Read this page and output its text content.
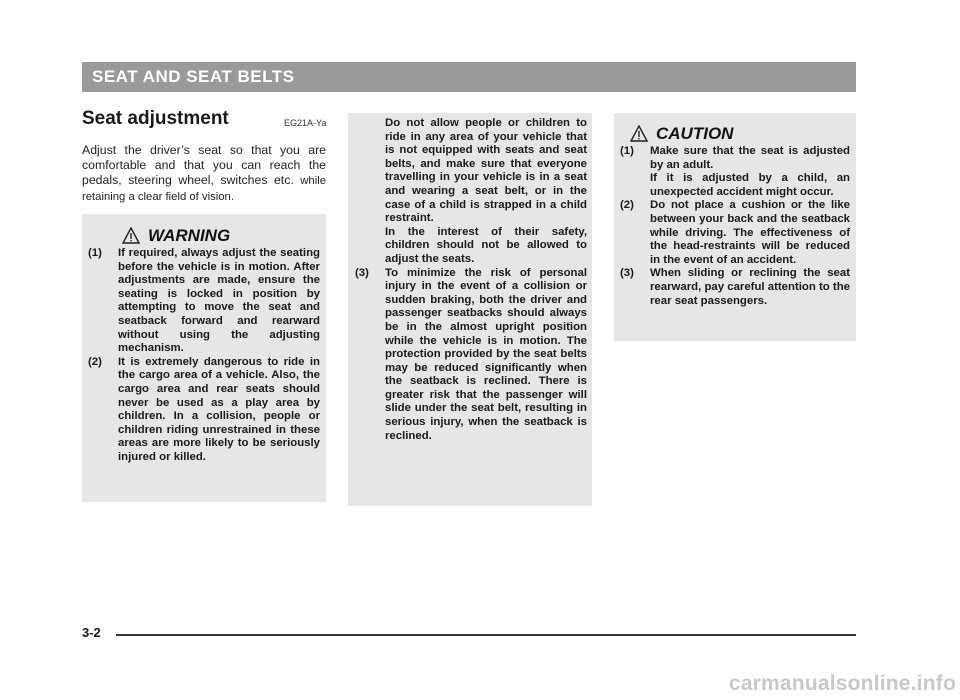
SEAT AND SEAT BELTS
Seat adjustment	EG21A-Ya
Adjust the driver’s seat so that you are comfortable and that you can reach the pedals, steering wheel, switches etc. while retaining a clear field of vision.
WARNING
(1)	If required, always adjust the seating before the vehicle is in motion. After adjustments are made, ensure the seating is locked in position by attempting to move the seat and seatback forward and rearward without using the adjusting mechanism.
(2)	It is extremely dangerous to ride in the cargo area of a vehicle. Also, the cargo area and rear seats should never be used as a play area by children. In a collision, people or children riding unrestrained in these areas are more likely to be seriously injured or killed.
Do not allow people or children to ride in any area of your vehicle that is not equipped with seats and seat belts, and make sure that everyone travelling in your vehicle is in a seat and wearing a seat belt, or in the case of a child is strapped in a child restraint.
In the interest of their safety, children should not be allowed to adjust the seats.
(3)	To minimize the risk of personal injury in the event of a collision or sudden braking, both the driver and passenger seatbacks should always be in the almost upright position while the vehicle is in motion. The protection provided by the seat belts may be reduced significantly when the seatback is reclined. There is greater risk that the passenger will slide under the seat belt, resulting in serious injury, when the seatback is reclined.
CAUTION
(1)	Make sure that the seat is adjusted by an adult.
If it is adjusted by a child, an unexpected accident might occur.
(2)	Do not place a cushion or the like between your back and the seatback while driving. The effectiveness of the head-restraints will be reduced in the event of an accident.
(3)	When sliding or reclining the seat rearward, pay careful attention to the rear seat passengers.
3-2
carmanualsonline.info
